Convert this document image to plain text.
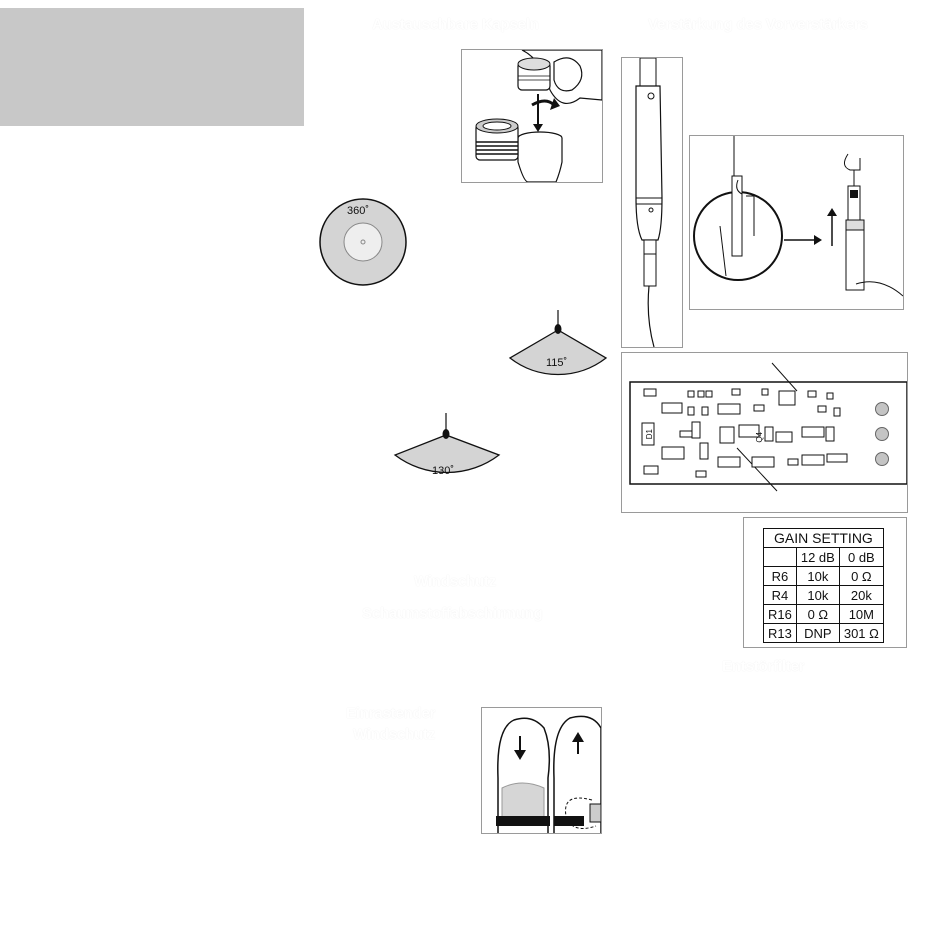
Austauschbare Kapseln	Verstärkung des Vorverstärkers
Windschutz
Schaumstoffabschirmung
Entstörfilter
Einrastender
Windschutz
360˚
115˚
130˚
D1	Q4
GAIN SETTING		
	12 dB	0 dB
R6	10k	0 Ω
R4	10k	20k
R16	0 Ω	10M
R13	DNP	301 Ω
